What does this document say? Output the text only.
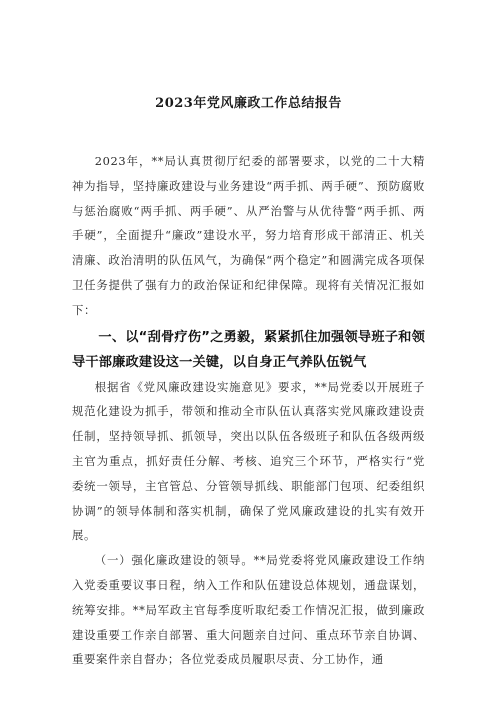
2023年党风廉政工作总结报告

2023年，**局认真贯彻厅纪委的部署要求，以党的二十大精神为指导，坚持廉政建设与业务建设“两手抓、两手硬”、预防腐败与惩治腐败“两手抓、两手硬”、从严治警与从优待警“两手抓、两手硬”，全面提升“廉政”建设水平，努力培育形成干部清正、机关清廉、政治清明的队伍风气，为确保“两个稳定”和圆满完成各项保卫任务提供了强有力的政治保证和纪律保障。现将有关情况汇报如下：

一、以“刮骨疗伤”之勇毅，紧紧抓住加强领导班子和领导干部廉政建设这一关键，以自身正气养队伍锐气

根据省《党风廉政建设实施意见》要求，**局党委以开展班子规范化建设为抓手，带领和推动全市队伍认真落实党风廉政建设责任制，坚持领导抓、抓领导，突出以队伍各级班子和队伍各级两级主官为重点，抓好责任分解、考核、追究三个环节，严格实行“党委统一领导，主官管总、分管领导抓线、职能部门包项、纪委组织协调”的领导体制和落实机制，确保了党风廉政建设的扎实有效开展。

（一）强化廉政建设的领导。**局党委将党风廉政建设工作纳入党委重要议事日程，纳入工作和队伍建设总体规划，通盘谋划，统筹安排。**局军政主官每季度听取纪委工作情况汇报，做到廉政建设重要工作亲自部署、重大问题亲自过问、重点环节亲自协调、重要案件亲自督办；各位党委成员履职尽责、分工协作，通
